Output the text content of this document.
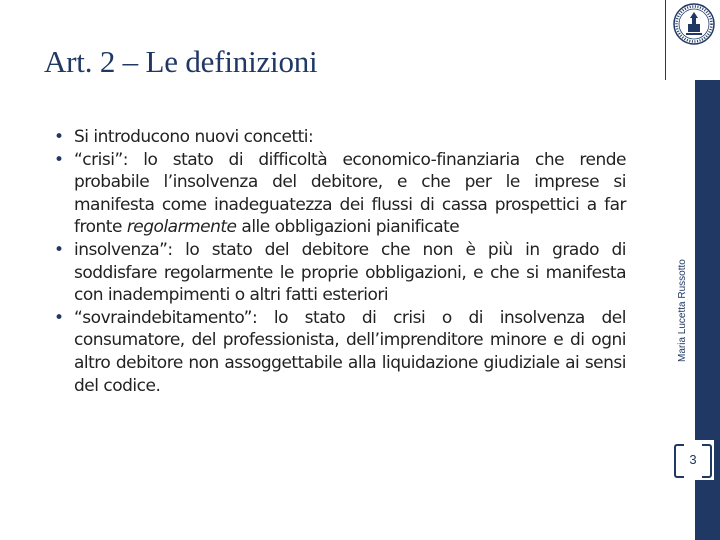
Art. 2 – Le definizioni
Maria Lucetta Russotto
3
• Si introducono nuovi concetti:
• “crisi”: lo stato di difficoltà economico-finanziaria che rende probabile l’insolvenza del debitore, e che per le imprese si manifesta come inadeguatezza dei flussi di cassa prospettici a far fronte regolarmente alle obbligazioni pianificate
• insolvenza”: lo stato del debitore che non è più in grado di soddisfare regolarmente le proprie obbligazioni, e che si manifesta con inadempimenti o altri fatti esteriori
• “sovraindebitamento”: lo stato di crisi o di insolvenza del consumatore, del professionista, dell’imprenditore minore e di ogni altro debitore non assoggettabile alla liquidazione giudiziale ai sensi del codice.
